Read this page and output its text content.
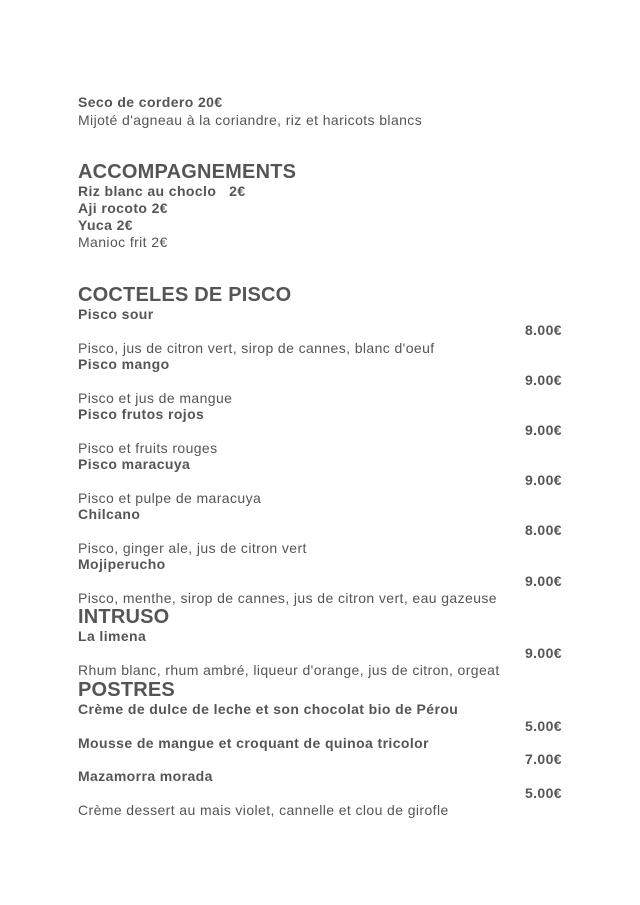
Seco de cordero 20€
Mijoté d'agneau à la coriandre, riz et haricots blancs
ACCOMPAGNEMENTS
Riz blanc au choclo   2€
Aji rocoto 2€
Yuca 2€
Manioc frit 2€
COCTELES DE PISCO
Pisco sour
8.00€
Pisco, jus de citron vert, sirop de cannes, blanc d'oeuf
Pisco mango
9.00€
Pisco et jus de mangue
Pisco frutos rojos
9.00€
Pisco et fruits rouges
Pisco maracuya
9.00€
Pisco et pulpe de maracuya
Chilcano
8.00€
Pisco, ginger ale, jus de citron vert
Mojiperucho
9.00€
Pisco, menthe, sirop de cannes, jus de citron vert, eau gazeuse
INTRUSO
La limena
9.00€
Rhum blanc, rhum ambré, liqueur d'orange, jus de citron, orgeat
POSTRES
Crème de dulce de leche et son chocolat bio de Pérou
5.00€
Mousse de mangue et croquant de quinoa tricolor
7.00€
Mazamorra morada
5.00€
Crème dessert au mais violet, cannelle et clou de girofle
